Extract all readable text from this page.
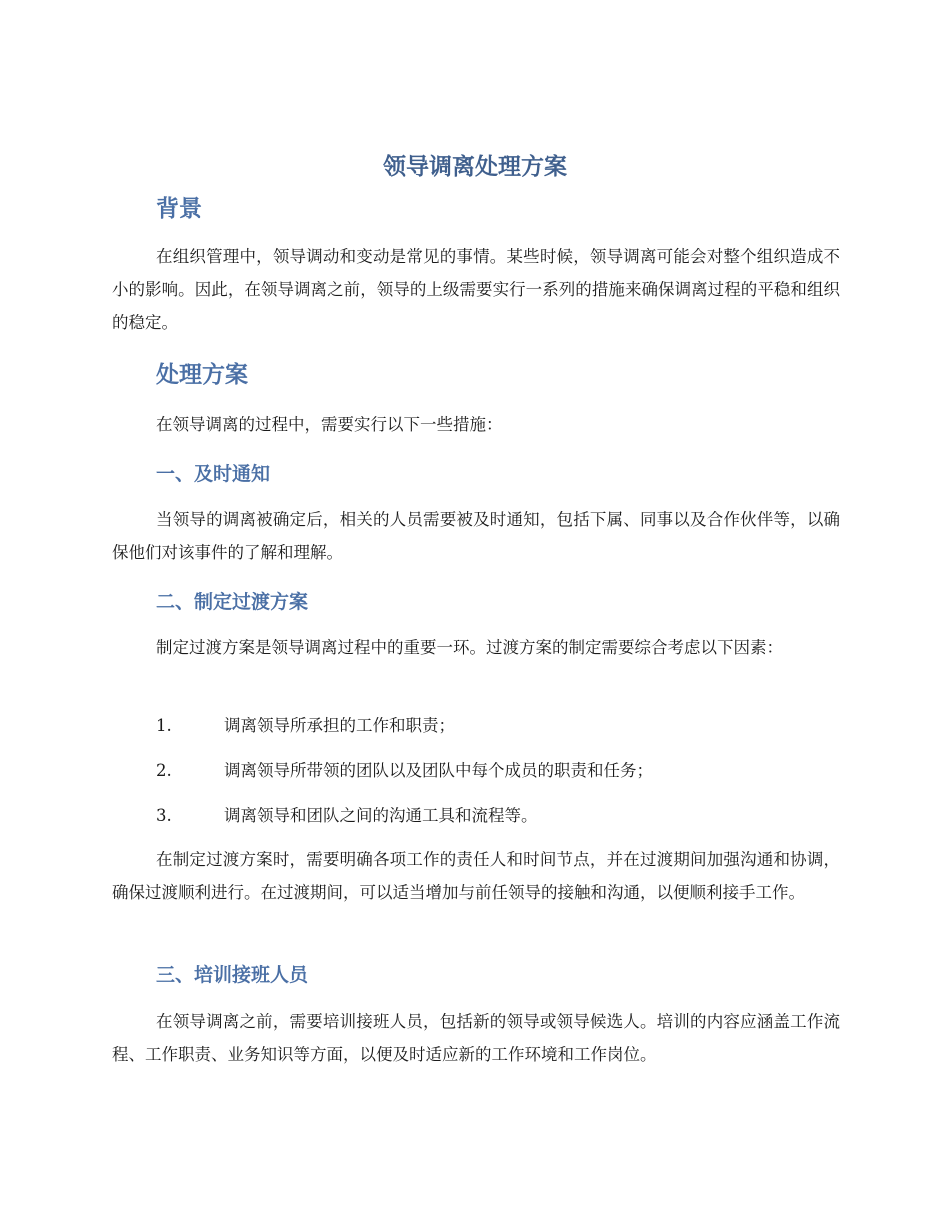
领导调离处理方案
背景

在组织管理中，领导调动和变动是常见的事情。某些时候，领导调离可能会对整个组织造成不小的影响。因此，在领导调离之前，领导的上级需要实行一系列的措施来确保调离过程的平稳和组织的稳定。

处理方案

在领导调离的过程中，需要实行以下一些措施：

一、及时通知

当领导的调离被确定后，相关的人员需要被及时通知，包括下属、同事以及合作伙伴等，以确保他们对该事件的了解和理解。

二、制定过渡方案

制定过渡方案是领导调离过程中的重要一环。过渡方案的制定需要综合考虑以下因素：

1.	调离领导所承担的工作和职责；
2.	调离领导所带领的团队以及团队中每个成员的职责和任务；
3.	调离领导和团队之间的沟通工具和流程等。

在制定过渡方案时，需要明确各项工作的责任人和时间节点，并在过渡期间加强沟通和协调，确保过渡顺利进行。在过渡期间，可以适当增加与前任领导的接触和沟通，以便顺利接手工作。

三、培训接班人员

在领导调离之前，需要培训接班人员，包括新的领导或领导候选人。培训的内容应涵盖工作流程、工作职责、业务知识等方面，以便及时适应新的工作环境和工作岗位。
